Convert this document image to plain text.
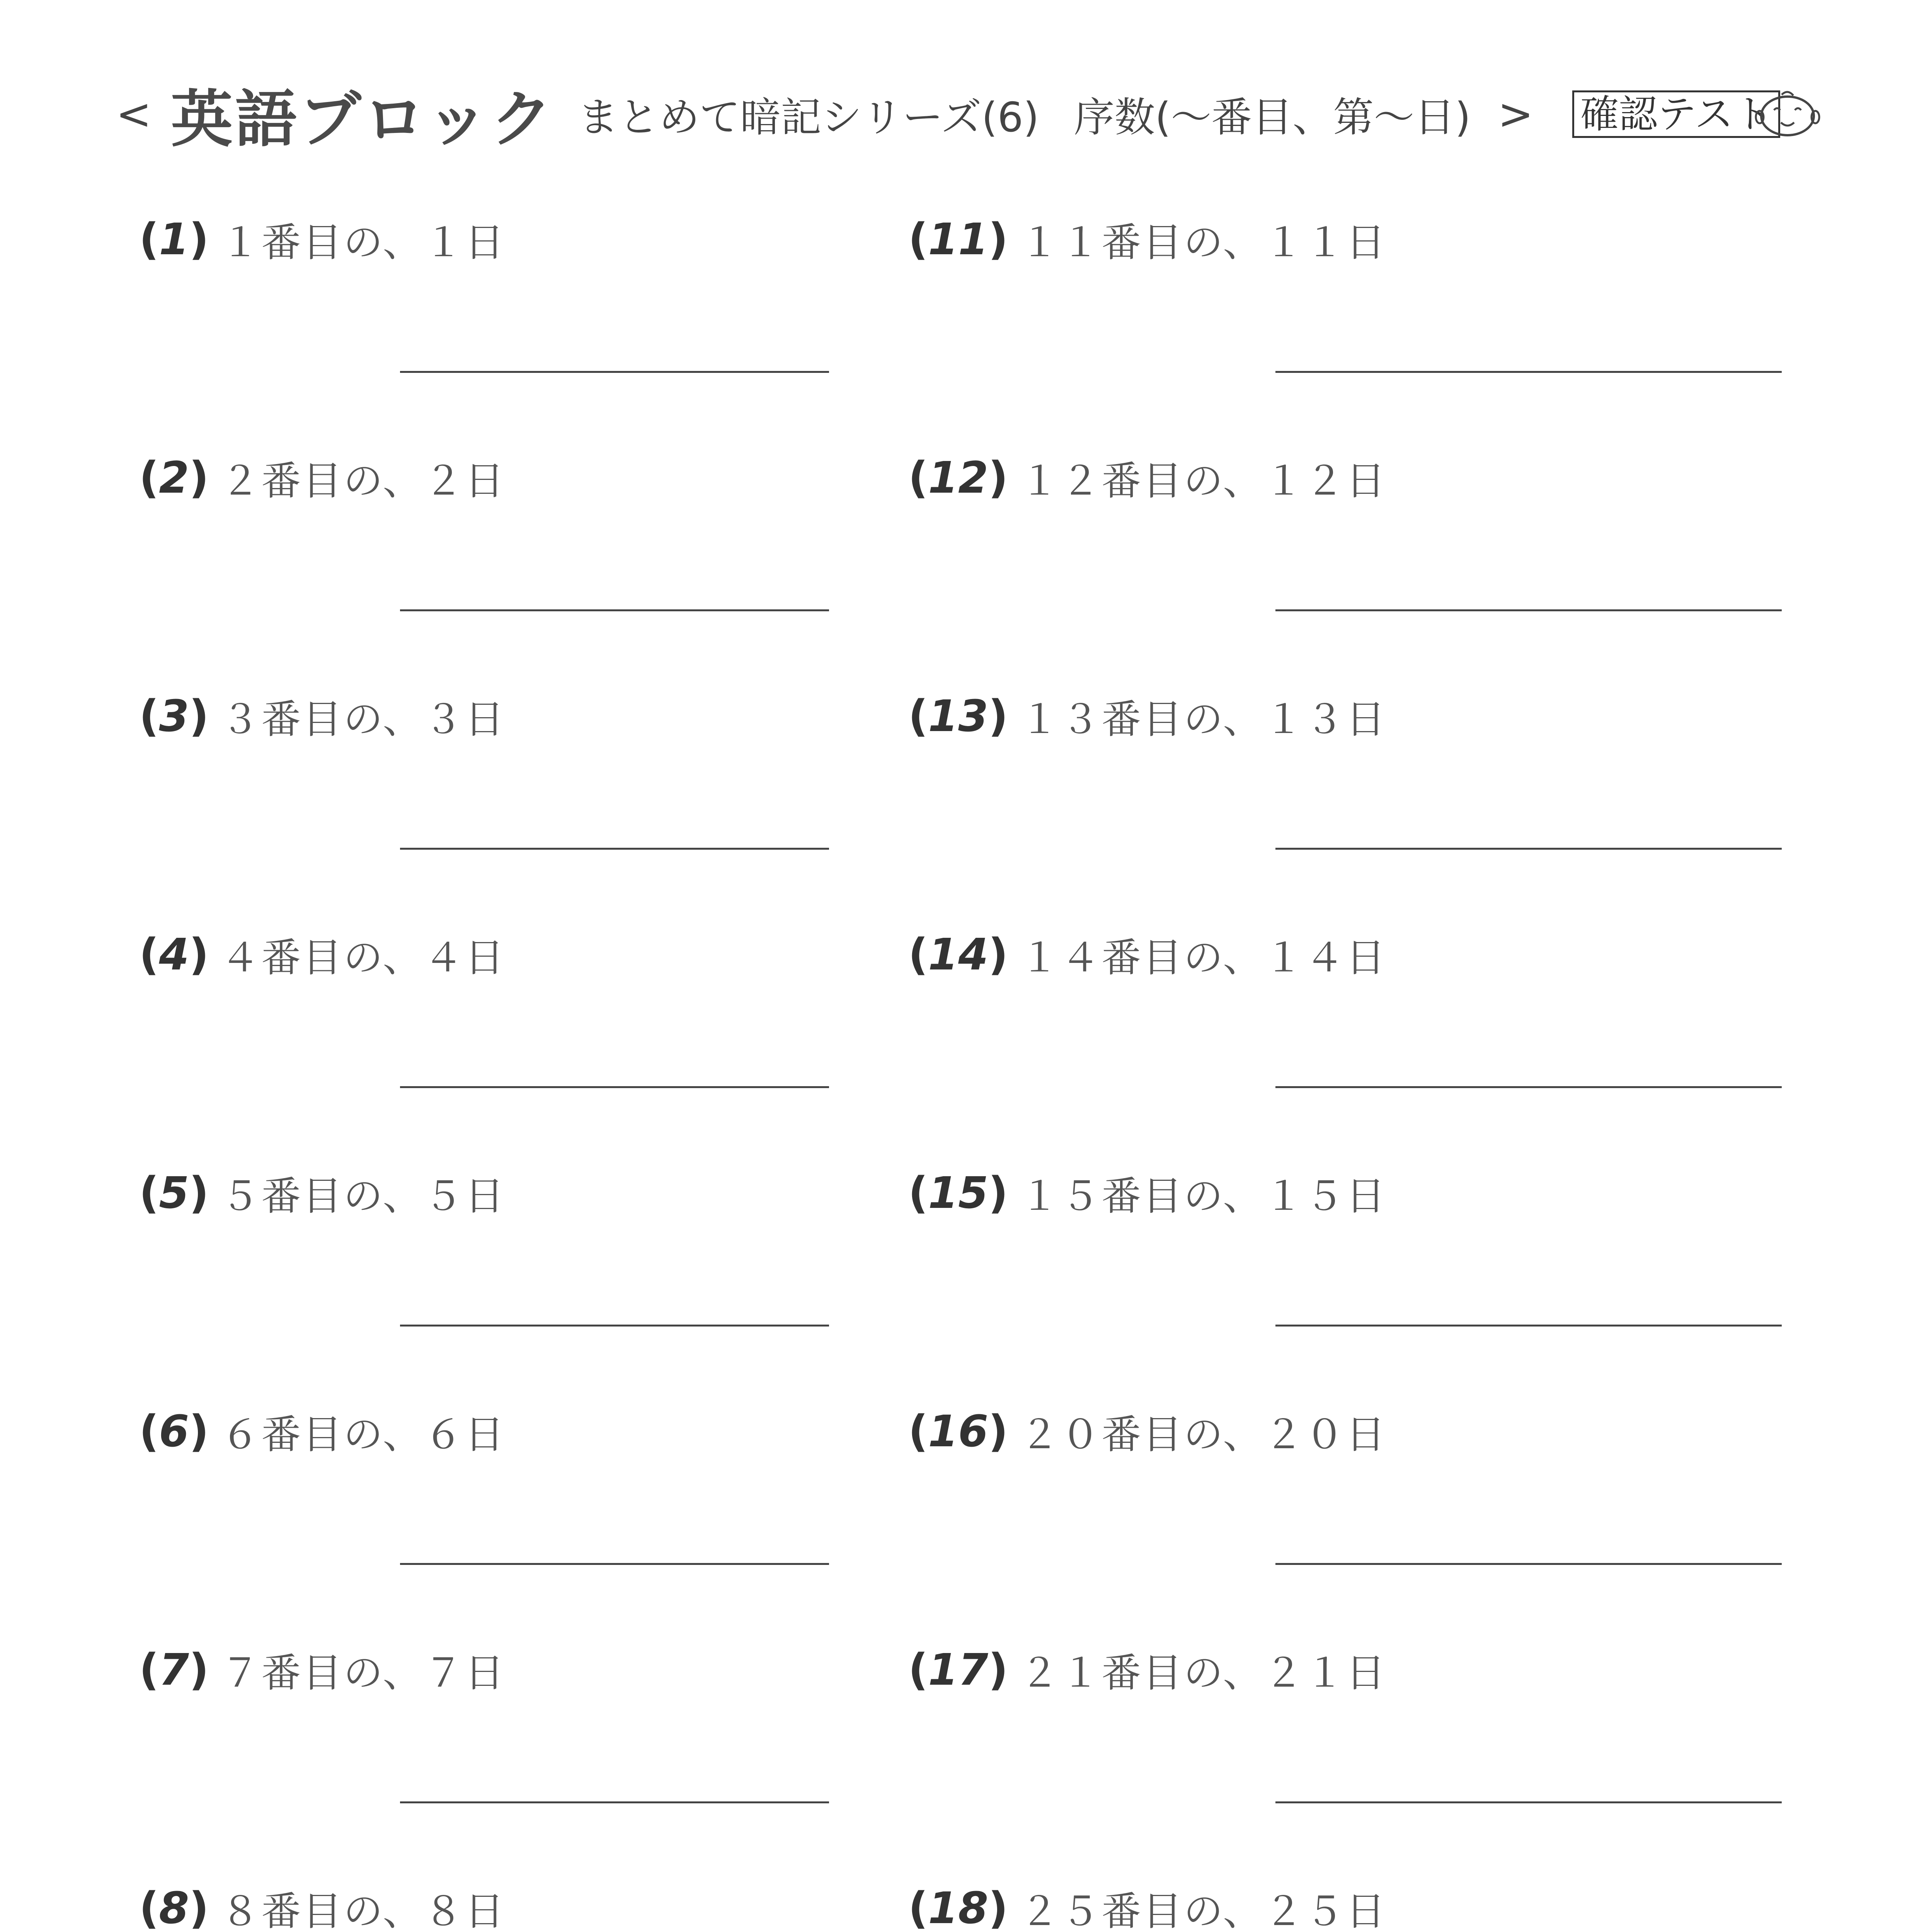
< 英語ブロック まとめて暗記シリーズ(6) 序数(〜番目、第〜日) > 確認テスト
(1) １番目の、１日
(2) ２番目の、２日
(3) ３番目の、３日
(4) ４番目の、４日
(5) ５番目の、５日
(6) ６番目の、６日
(7) ７番目の、７日
(8) ８番目の、８日
(11) １１番目の、１１日
(12) １２番目の、１２日
(13) １３番目の、１３日
(14) １４番目の、１４日
(15) １５番目の、１５日
(16) ２０番目の、２０日
(17) ２１番目の、２１日
(18) ２５番目の、２５日
